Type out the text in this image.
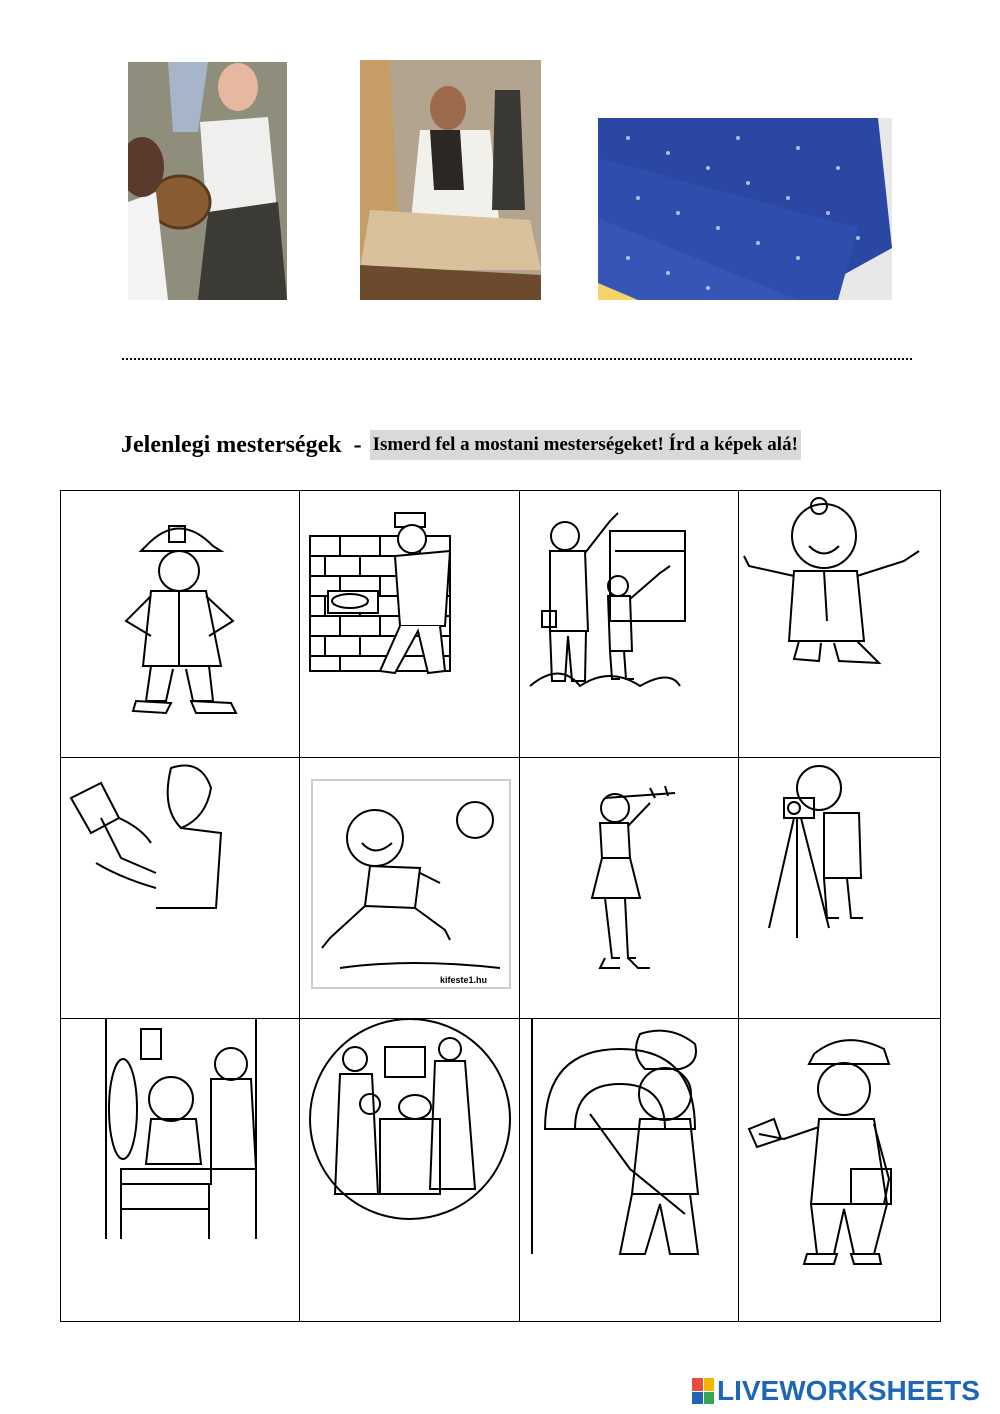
Jelenlegi mesterségek - Ismerd fel a mostani mesterségeket! Írd a képek alá!

kifeste1.hu

LIVEWORKSHEETS
